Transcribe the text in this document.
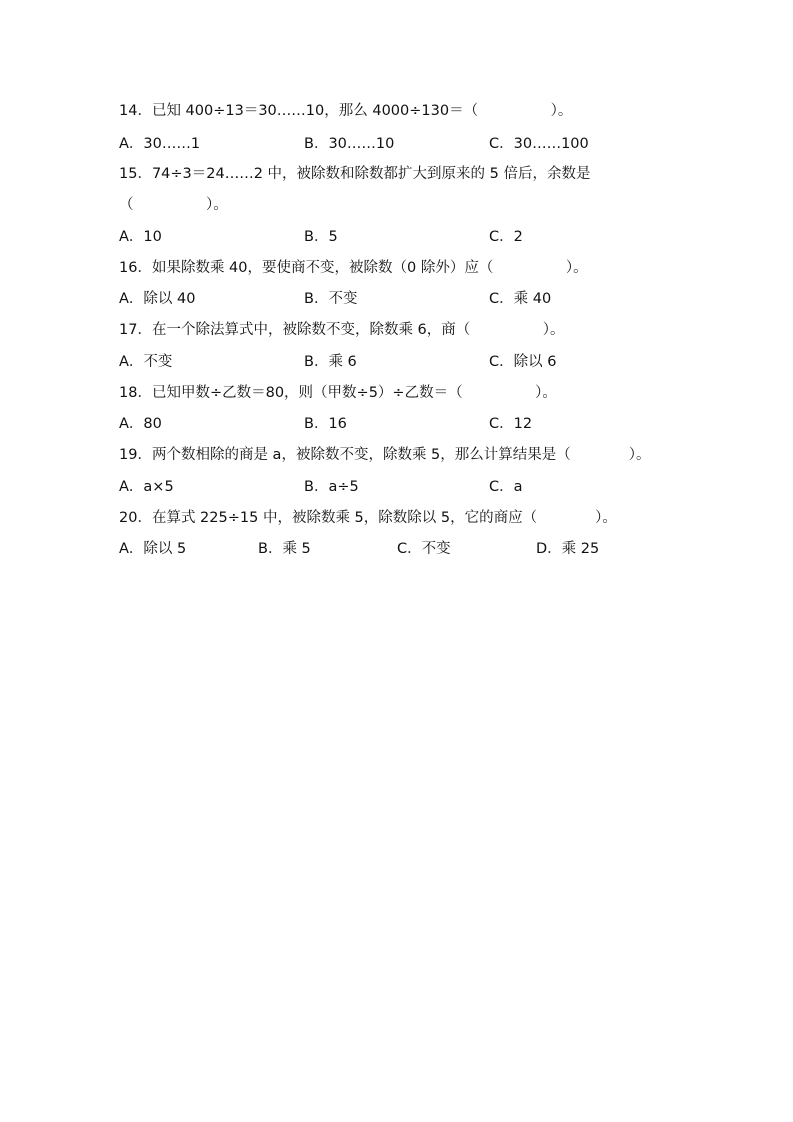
14．已知 400÷13＝30……10，那么 4000÷130＝（　　　　　）。
A．30……1	B．30……10	C．30……100
15．74÷3＝24……2 中，被除数和除数都扩大到原来的 5 倍后，余数是
（　　　　　）。
A．10	B．5	C．2
16．如果除数乘 40，要使商不变，被除数（0 除外）应（　　　　　）。
A．除以 40	B．不变	C．乘 40
17．在一个除法算式中，被除数不变，除数乘 6，商（　　　　　）。
A．不变	B．乘 6	C．除以 6
18．已知甲数÷乙数＝80，则（甲数÷5）÷乙数＝（　　　　　）。
A．80	B．16	C．12
19．两个数相除的商是 a，被除数不变，除数乘 5，那么计算结果是（　　　　）。
A．a×5	B．a÷5	C．a
20．在算式 225÷15 中，被除数乘 5，除数除以 5，它的商应（　　　　）。
A．除以 5	B．乘 5	C．不变	D．乘 25
